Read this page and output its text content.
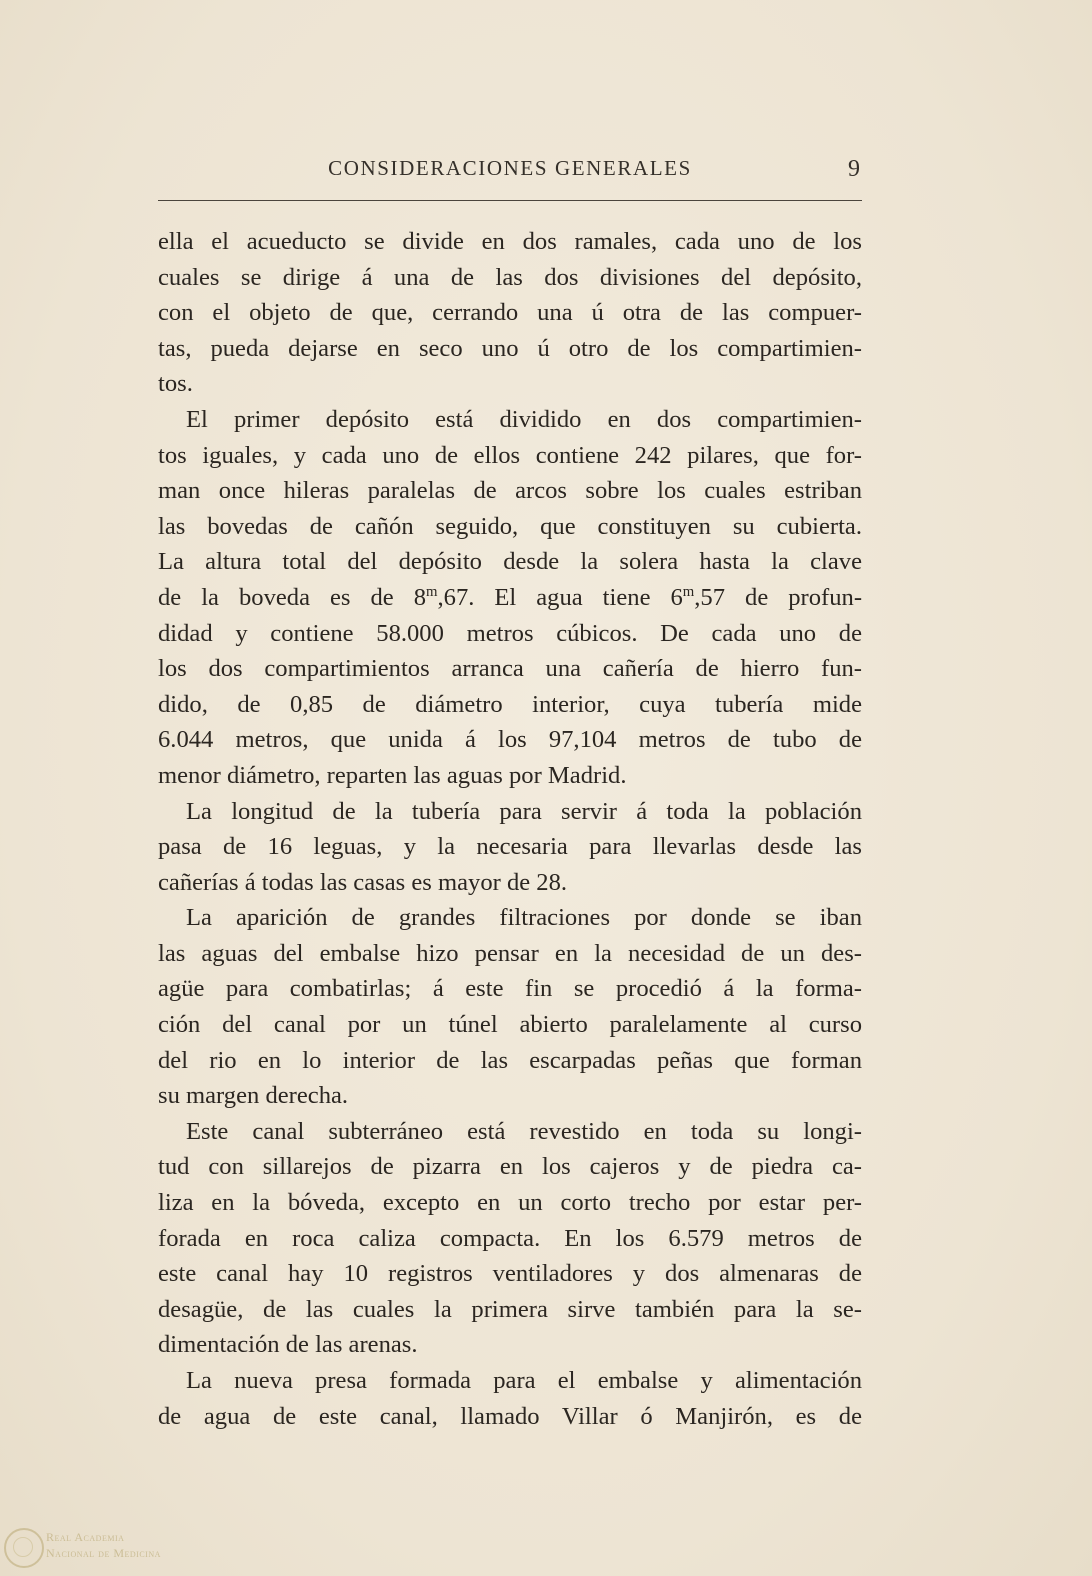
CONSIDERACIONES GENERALES	9
ella el acueducto se divide en dos ramales, cada uno de los
cuales se dirige á una de las dos divisiones del depósito,
con el objeto de que, cerrando una ú otra de las compuer-
tas, pueda dejarse en seco uno ú otro de los compartimien-
tos.
El primer depósito está dividido en dos compartimien-
tos iguales, y cada uno de ellos contiene 242 pilares, que for-
man once hileras paralelas de arcos sobre los cuales estriban
las bovedas de cañón seguido, que constituyen su cubierta.
La altura total del depósito desde la solera hasta la clave
de la boveda es de 8$^m$,67. El agua tiene 6$^m$,57 de profun-
didad y contiene 58.000 metros cúbicos. De cada uno de
los dos compartimientos arranca una cañería de hierro fun-
dido, de 0,85 de diámetro interior, cuya tubería mide
6.044 metros, que unida á los 97,104 metros de tubo de
menor diámetro, reparten las aguas por Madrid.
La longitud de la tubería para servir á toda la población
pasa de 16 leguas, y la necesaria para llevarlas desde las
cañerías á todas las casas es mayor de 28.
La aparición de grandes filtraciones por donde se iban
las aguas del embalse hizo pensar en la necesidad de un des-
agüe para combatirlas; á este fin se procedió á la forma-
ción del canal por un túnel abierto paralelamente al curso
del rio en lo interior de las escarpadas peñas que forman
su margen derecha.
Este canal subterráneo está revestido en toda su longi-
tud con sillarejos de pizarra en los cajeros y de piedra ca-
liza en la bóveda, excepto en un corto trecho por estar per-
forada en roca caliza compacta. En los 6.579 metros de
este canal hay 10 registros ventiladores y dos almenaras de
desagüe, de las cuales la primera sirve también para la se-
dimentación de las arenas.
La nueva presa formada para el embalse y alimentación
de agua de este canal, llamado Villar ó Manjirón, es de
Real Academia
Nacional de Medicina
